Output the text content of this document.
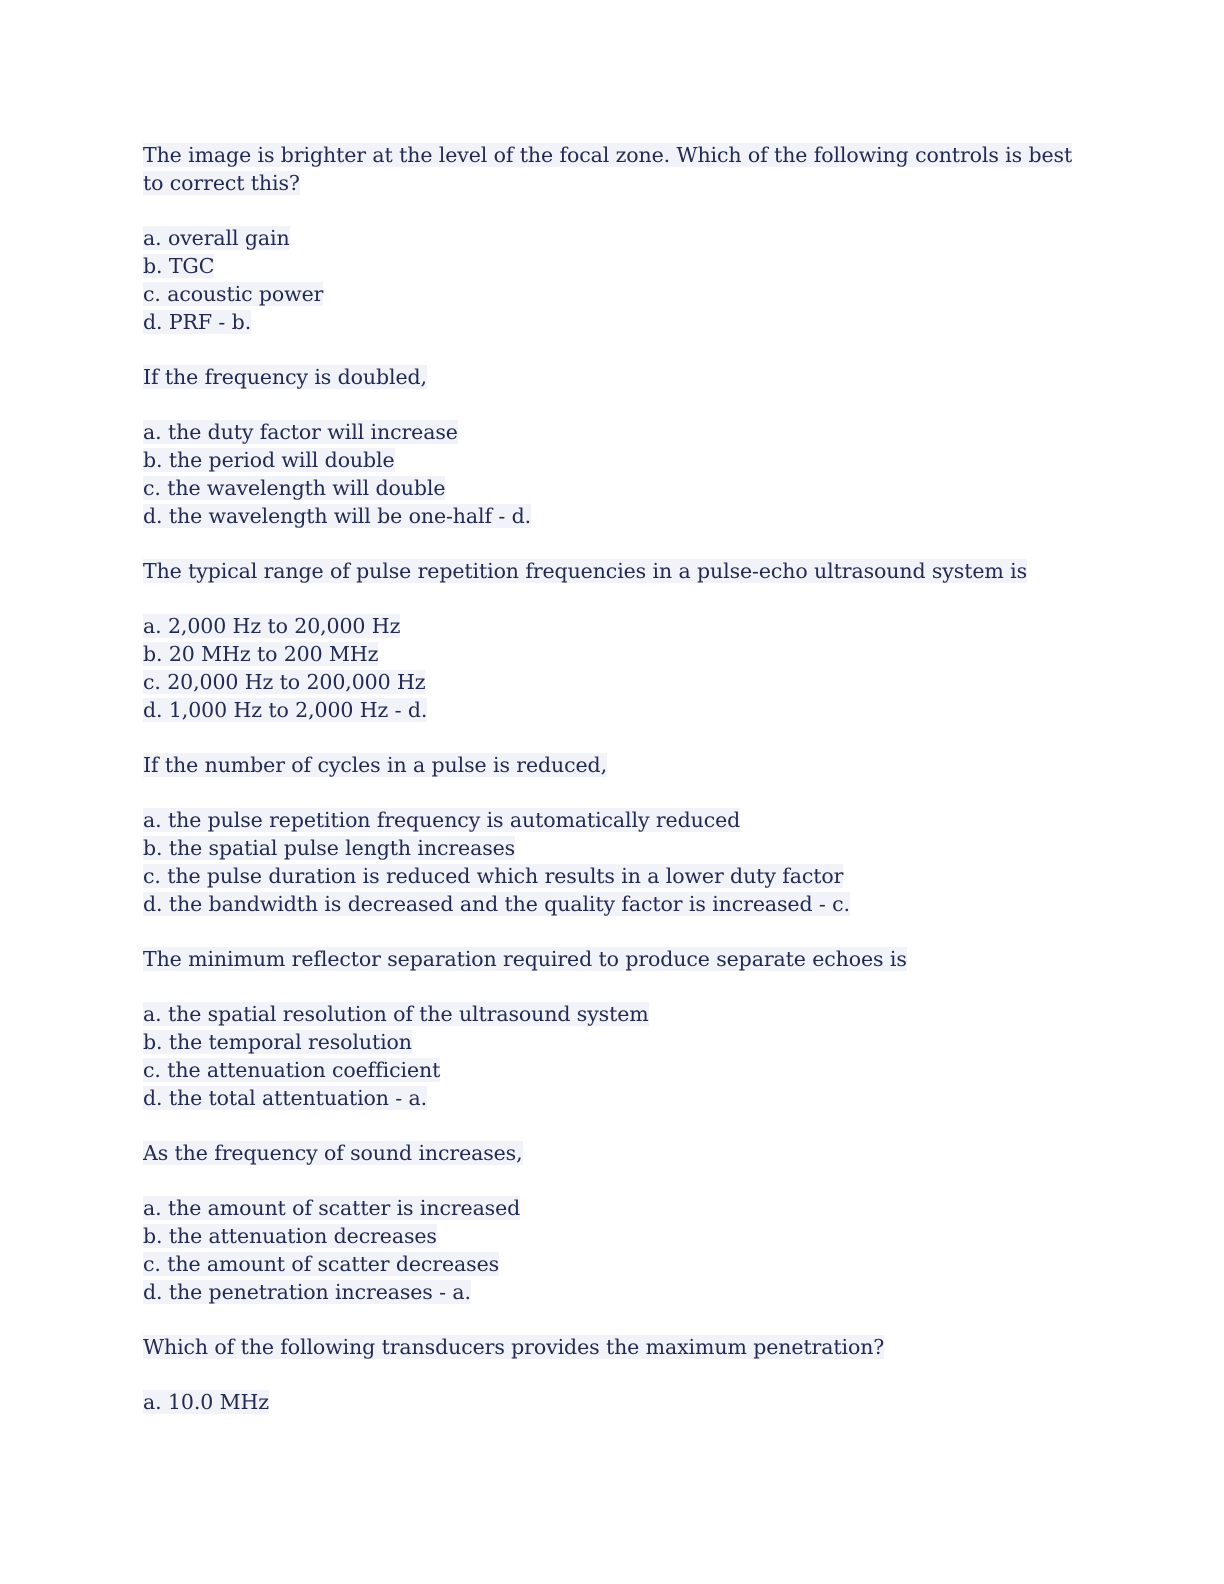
The image is brighter at the level of the focal zone. Which of the following controls is best to correct this?
a. overall gain
b. TGC
c. acoustic power
d. PRF - b.
If the frequency is doubled,
a. the duty factor will increase
b. the period will double
c. the wavelength will double
d. the wavelength will be one-half - d.
The typical range of pulse repetition frequencies in a pulse-echo ultrasound system is
a. 2,000 Hz to 20,000 Hz
b. 20 MHz to 200 MHz
c. 20,000 Hz to 200,000 Hz
d. 1,000 Hz to 2,000 Hz - d.
If the number of cycles in a pulse is reduced,
a. the pulse repetition frequency is automatically reduced
b. the spatial pulse length increases
c. the pulse duration is reduced which results in a lower duty factor
d. the bandwidth is decreased and the quality factor is increased - c.
The minimum reflector separation required to produce separate echoes is
a. the spatial resolution of the ultrasound system
b. the temporal resolution
c. the attenuation coefficient
d. the total attentuation - a.
As the frequency of sound increases,
a. the amount of scatter is increased
b. the attenuation decreases
c. the amount of scatter decreases
d. the penetration increases - a.
Which of the following transducers provides the maximum penetration?
a. 10.0 MHz
